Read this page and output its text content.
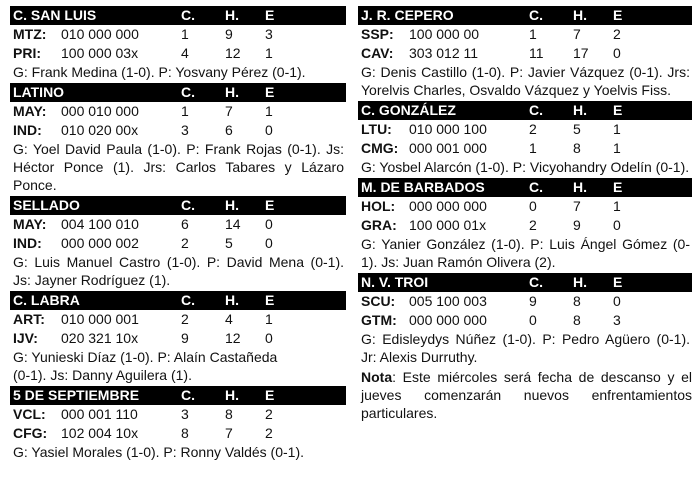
C. SAN LUIS	C.	H.	E
MTZ:	010 000 000	1	9	3
PRI:	100 000 03x	4	12	1

G: Frank Medina (1-0). P: Yosvany Pérez (0-1).

LATINO	C.	H.	E
MAY:	000 010 000	1	7	1
IND:	010 020 00x	3	6	0

G: Yoel David Paula (1-0). P: Frank Rojas (0-1). Js: Héctor Ponce (1). Jrs: Carlos Tabares y Lázaro Ponce.

SELLADO	C.	H.	E
MAY:	004 100 010	6	14	0
IND:	000 000 002	2	5	0

G: Luis Manuel Castro (1-0). P: David Mena (0-1). Js: Jayner Rodríguez (1).

C. LABRA	C.	H.	E
ART:	010 000 001	2	4	1
IJV:	020 321 10x	9	12	0

G: Yunieski Díaz (1-0). P: Alaín Castañeda

(0-1). Js: Danny Aguilera (1).

5 DE SEPTIEMBRE	C.	H.	E
VCL:	000 001 110	3	8	2
CFG: 102 004 10x	8	7	2

G: Yasiel Morales (1-0). P: Ronny Valdés (0-1).

J. R. CEPERO	C.	H.	E
SSP:	100 000 00	1	7	2
CAV:	303 012 11	11	17	0

G: Denis Castillo (1-0). P: Javier Vázquez (0-1). Jrs: Yorelvis Charles, Osvaldo Vázquez y Yoelvis Fiss.

C. GONZÁLEZ	C.	H.	E
LTU:	010 000 100	2	5	1
CMG: 000 001 000	1	8	1

G: Yosbel Alarcón (1-0). P: Vicyohandry Odelín (0-1).

M. DE BARBADOS	C.	H.	E
HOL: 000 000 000	0	7	1
GRA: 100 000 01x	2	9	0

G: Yanier González (1-0). P: Luis Ángel Gómez (0-1). Js: Juan Ramón Olivera (2).

N. V. TROI	C.	H.	E
SCU: 005 100 003	9	8	0
GTM: 000 000 000	0	8	3

G: Edisleydys Núñez (1-0). P: Pedro Agüero (0-1). Jr: Alexis Durruthy.

Nota: Este miércoles será fecha de descanso y el jueves comenzarán nuevos enfrentamientos particulares.
